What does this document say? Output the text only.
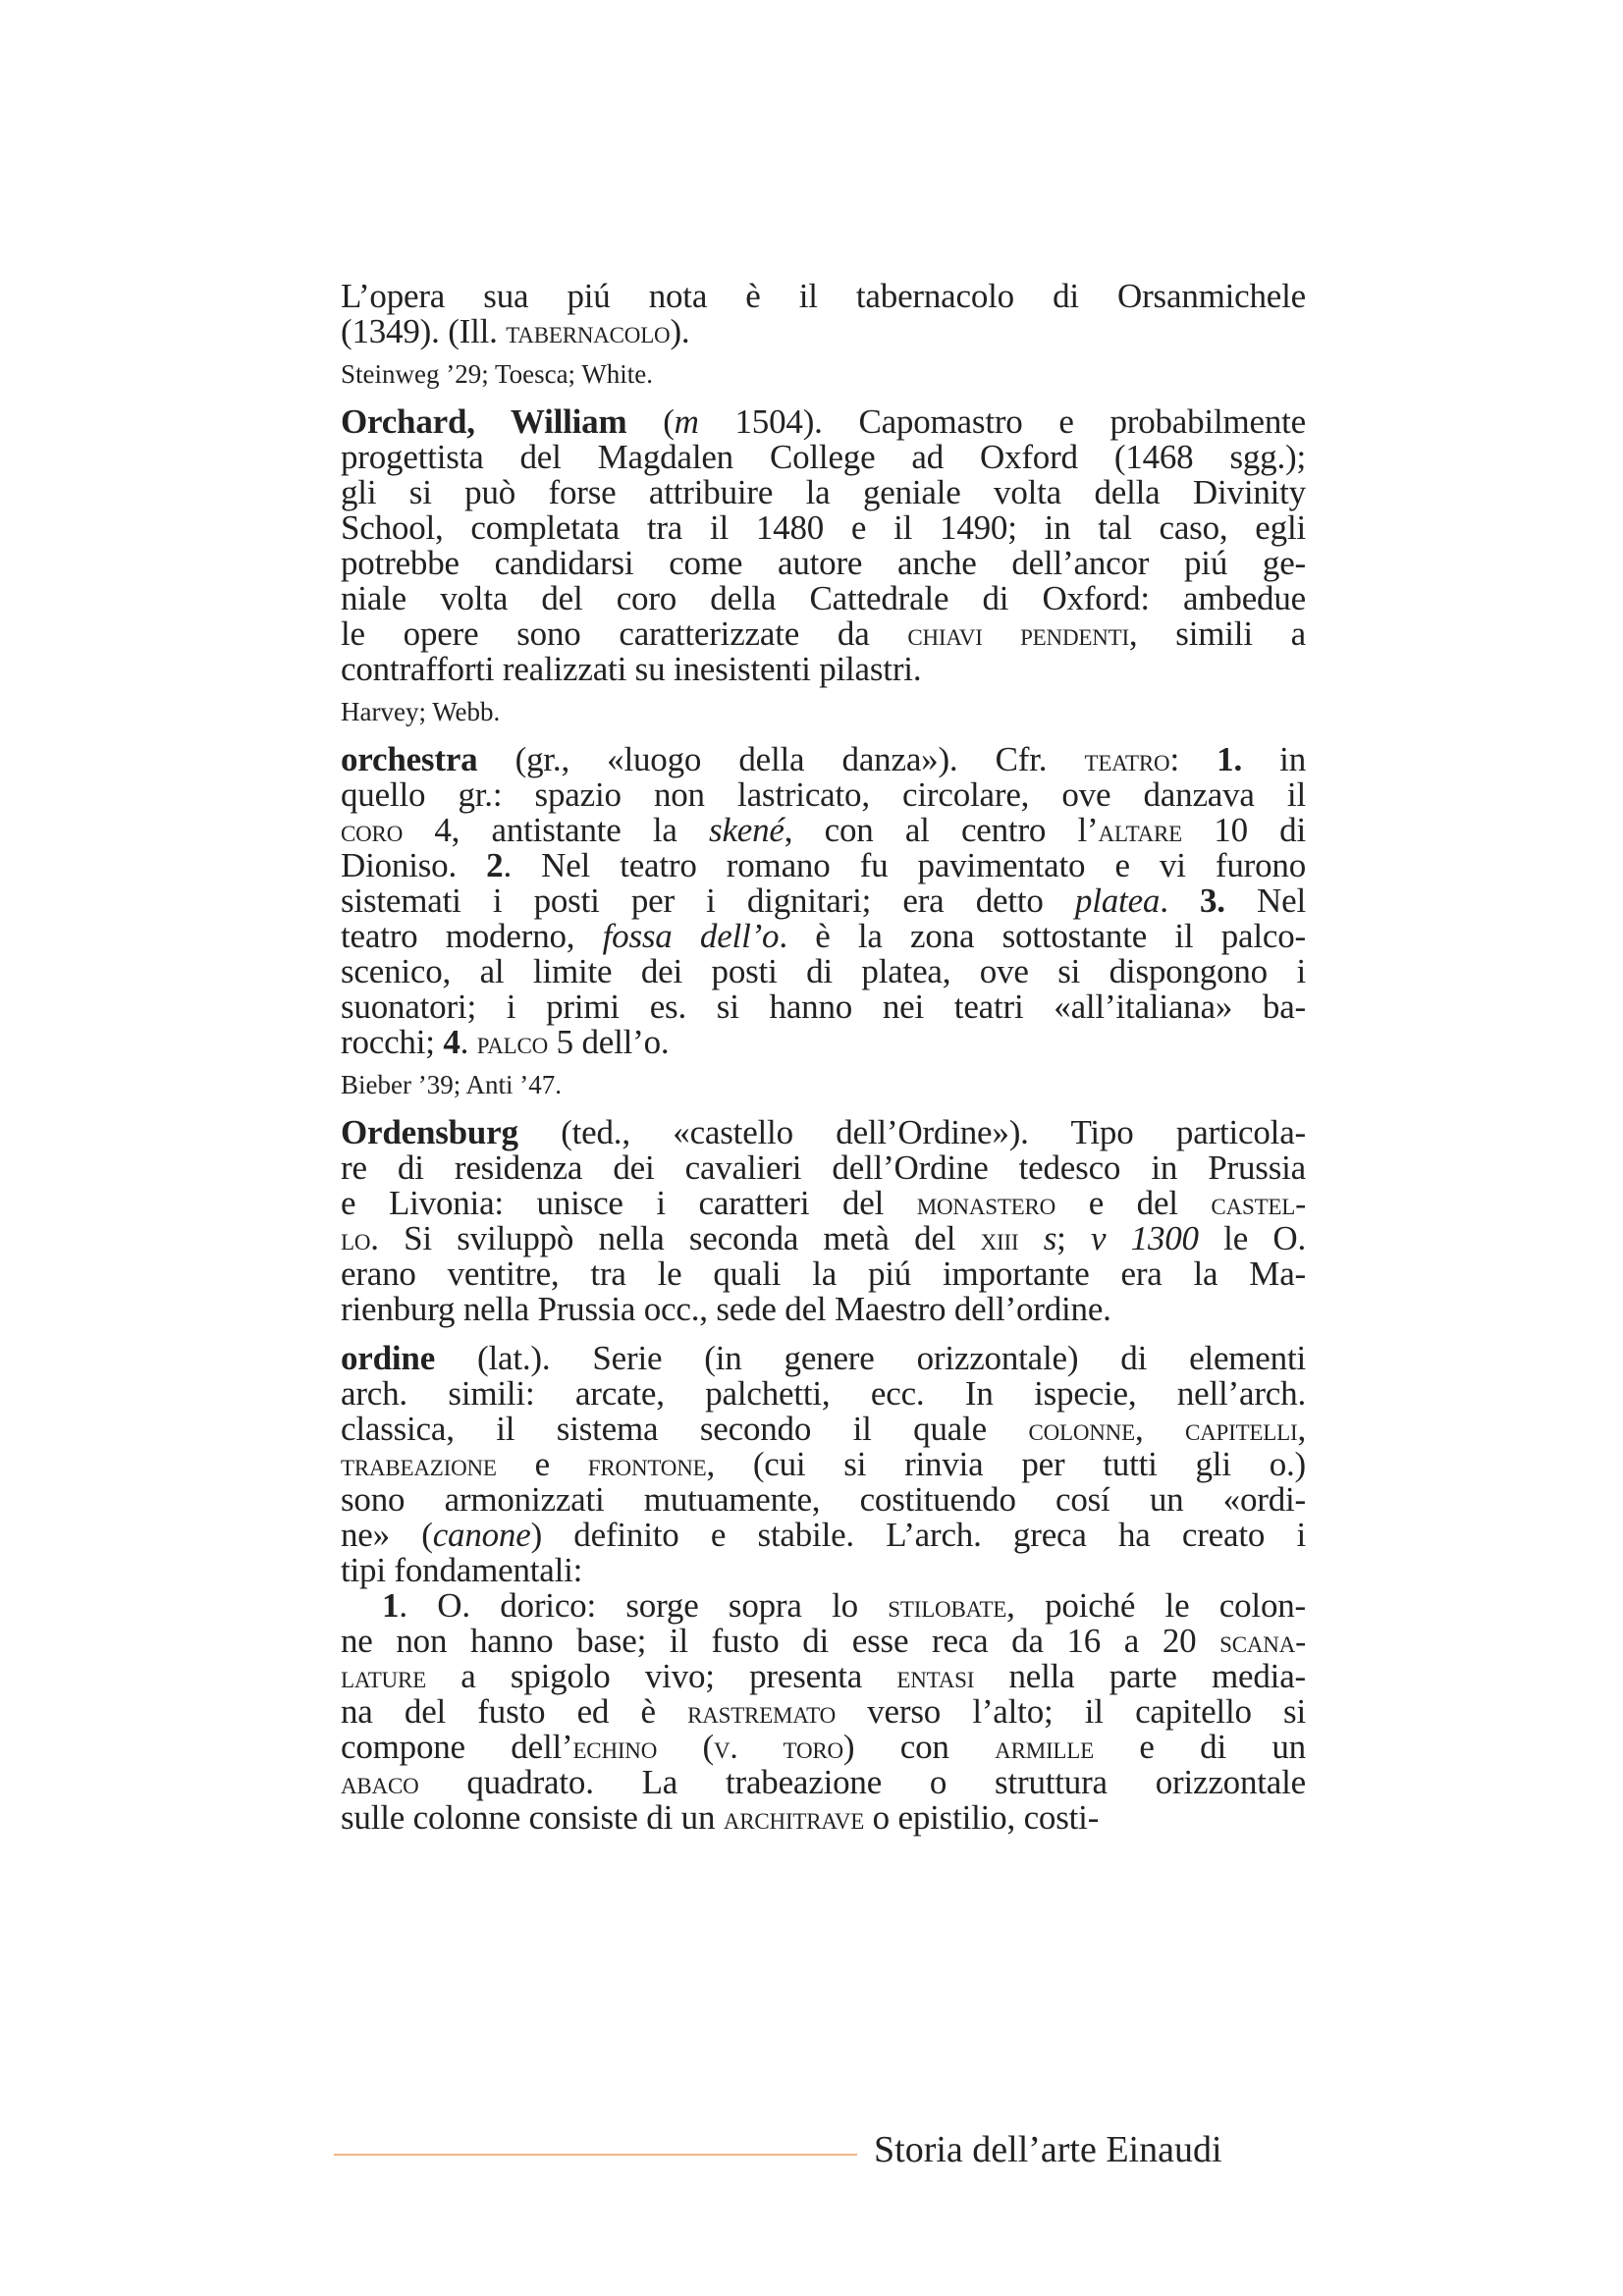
L’opera sua piú nota è il tabernacolo di Orsanmichele
(1349). (Ill. tabernacolo).
Steinweg ’29; Toesca; White.
Orchard, William (m 1504). Capomastro e probabilmente
progettista del Magdalen College ad Oxford (1468 sgg.);
gli si può forse attribuire la geniale volta della Divinity
School, completata tra il 1480 e il 1490; in tal caso, egli
potrebbe candidarsi come autore anche dell’ancor piú ge-
niale volta del coro della Cattedrale di Oxford: ambedue
le opere sono caratterizzate da chiavi pendenti, simili a
contrafforti realizzati su inesistenti pilastri.
Harvey; Webb.
orchestra (gr., «luogo della danza»). Cfr. teatro: 1. in
quello gr.: spazio non lastricato, circolare, ove danzava il
coro 4, antistante la skené, con al centro l’altare 10 di
Dioniso. 2. Nel teatro romano fu pavimentato e vi furono
sistemati i posti per i dignitari; era detto platea. 3. Nel
teatro moderno, fossa dell’o. è la zona sottostante il palco-
scenico, al limite dei posti di platea, ove si dispongono i
suonatori; i primi es. si hanno nei teatri «all’italiana» ba-
rocchi; 4. palco 5 dell’o.
Bieber ’39; Anti ’47.
Ordensburg (ted., «castello dell’Ordine»). Tipo particola-
re di residenza dei cavalieri dell’Ordine tedesco in Prussia
e Livonia: unisce i caratteri del monastero e del castel-
lo. Si sviluppò nella seconda metà del xiii s; v 1300 le O.
erano ventitre, tra le quali la piú importante era la Ma-
rienburg nella Prussia occ., sede del Maestro dell’ordine.
ordine (lat.). Serie (in genere orizzontale) di elementi
arch. simili: arcate, palchetti, ecc. In ispecie, nell’arch.
classica, il sistema secondo il quale colonne, capitelli,
trabeazione e frontone, (cui si rinvia per tutti gli o.)
sono armonizzati mutuamente, costituendo cosí un «ordi-
ne» (canone) definito e stabile. L’arch. greca ha creato i
tipi fondamentali:
1. O. dorico: sorge sopra lo stilobate, poiché le colon-
ne non hanno base; il fusto di esse reca da 16 a 20 scana-
lature a spigolo vivo; presenta entasi nella parte media-
na del fusto ed è rastremato verso l’alto; il capitello si
compone dell’echino (v. toro) con armille e di un
abaco quadrato. La trabeazione o struttura orizzontale
sulle colonne consiste di un architrave o epistilio, costi-
Storia dell’arte Einaudi
